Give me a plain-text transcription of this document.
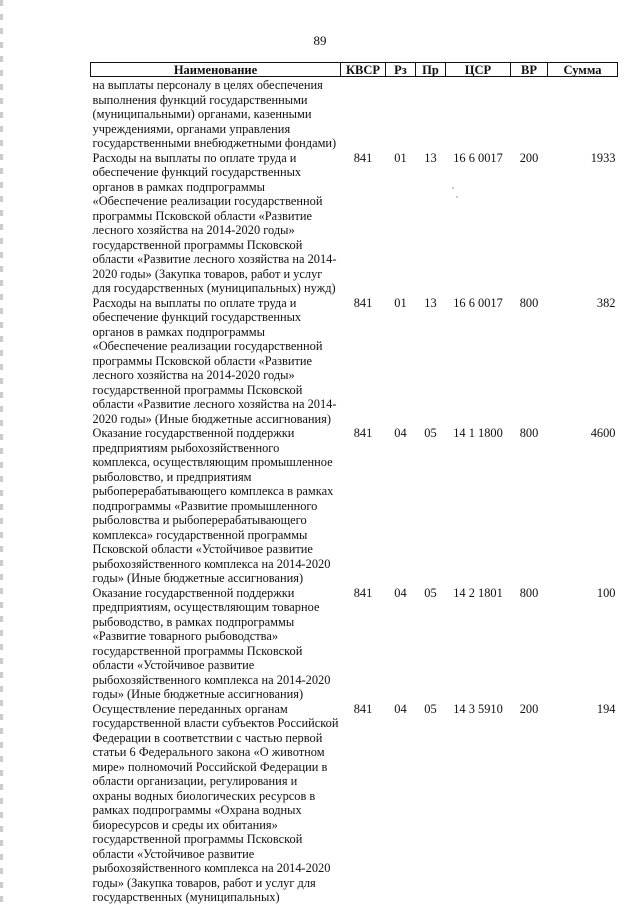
89
Наименование	КВСР	Рз	Пр	ЦСР	ВР	Сумма
на выплаты персоналу в целях обеспечения выполнения функций государственными (муниципальными) органами, казенными учреждениями, органами управления государственными внебюджетными фондами)						
Расходы на выплаты по оплате труда и обеспечение функций государственных органов в рамках подпрограммы «Обеспечение реализации государственной программы Псковской области «Развитие лесного хозяйства на 2014-2020 годы» государственной программы Псковской области «Развитие лесного хозяйства на 2014-2020 годы» (Закупка товаров, работ и услуг для государственных (муниципальных) нужд)	841	01	13	16 6 0017	200	1933
Расходы на выплаты по оплате труда и обеспечение функций государственных органов в рамках подпрограммы «Обеспечение реализации государственной программы Псковской области «Развитие лесного хозяйства на 2014-2020 годы» государственной программы Псковской области «Развитие лесного хозяйства на 2014-2020 годы» (Иные бюджетные ассигнования)	841	01	13	16 6 0017	800	382
Оказание государственной поддержки предприятиям рыбохозяйственного комплекса, осуществляющим промышленное рыболовство, и предприятиям рыбоперерабатывающего комплекса в рамках подпрограммы «Развитие промышленного рыболовства и рыбоперерабатывающего комплекса» государственной программы Псковской области «Устойчивое развитие рыбохозяйственного комплекса на 2014-2020 годы» (Иные бюджетные ассигнования)	841	04	05	14 1 1800	800	4600
Оказание государственной поддержки предприятиям, осуществляющим товарное рыбоводство, в рамках подпрограммы «Развитие товарного рыбоводства» государственной программы Псковской области «Устойчивое развитие рыбохозяйственного комплекса на 2014-2020 годы» (Иные бюджетные ассигнования)	841	04	05	14 2 1801	800	100
Осуществление переданных органам государственной власти субъектов Российской Федерации в соответствии с частью первой статьи 6 Федерального закона «О животном мире» полномочий Российской Федерации в области организации, регулирования и охраны водных биологических ресурсов в рамках подпрограммы «Охрана водных биоресурсов и среды их обитания» государственной программы Псковской области «Устойчивое развитие рыбохозяйственного комплекса на 2014-2020 годы» (Закупка товаров, работ и услуг для государственных (муниципальных)	841	04	05	14 3 5910	200	194
